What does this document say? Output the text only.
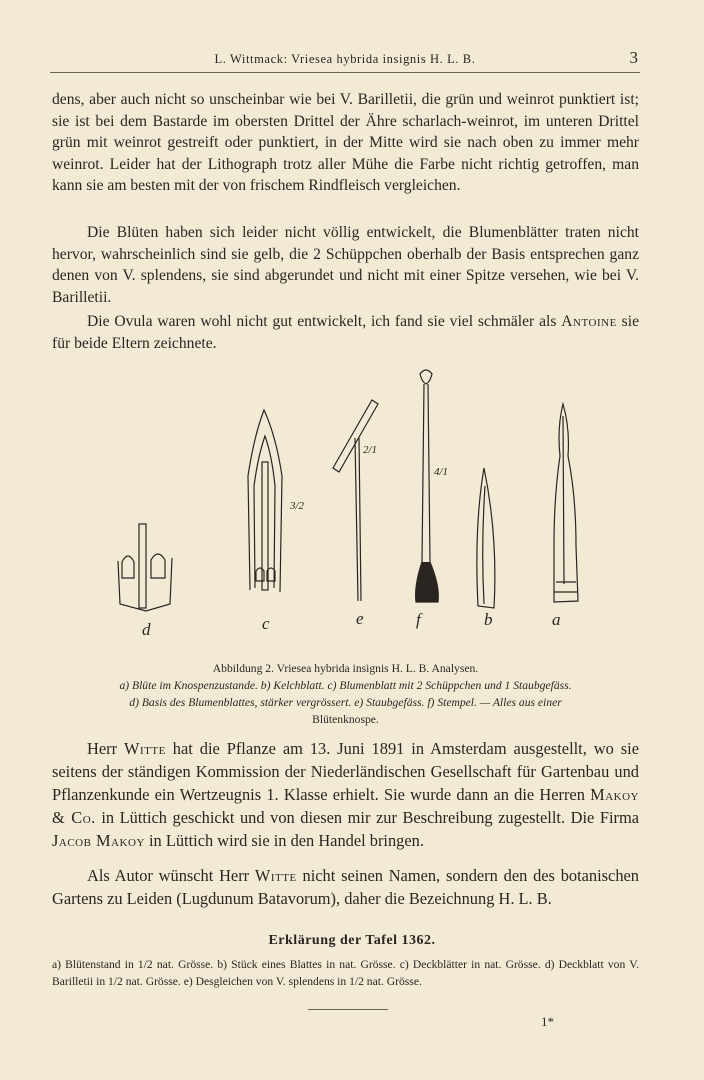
L. Wittmack: Vriesea hybrida insignis H. L. B.	3

dens, aber auch nicht so unscheinbar wie bei V. Barilletii, die grün und weinrot punktiert ist; sie ist bei dem Bastarde im obersten Drittel der Ähre scharlach-weinrot, im unteren Drittel grün mit weinrot gestreift oder punktiert, in der Mitte wird sie nach oben zu immer mehr weinrot. Leider hat der Lithograph trotz aller Mühe die Farbe nicht richtig getroffen, man kann sie am besten mit der von frischem Rindfleisch vergleichen.

Die Blüten haben sich leider nicht völlig entwickelt, die Blumenblätter traten nicht hervor, wahrscheinlich sind sie gelb, die 2 Schüppchen oberhalb der Basis entsprechen ganz denen von V. splendens, sie sind abgerundet und nicht mit einer Spitze versehen, wie bei V. Barilletii.

Die Ovula waren wohl nicht gut entwickelt, ich fand sie viel schmäler als Antoine sie für beide Eltern zeichnete.

d	c	e	f	b	a
3/2
2/1
4/1
Abbildung 2. Vriesea hybrida insignis H. L. B. Analysen.
a) Blüte im Knospenzustande. b) Kelchblatt. c) Blumenblatt mit 2 Schüppchen und 1 Staubgefäss.
d) Basis des Blumenblattes, stärker vergrössert. e) Staubgefäss. f) Stempel. — Alles aus einer
Blütenknospe.

Herr Witte hat die Pflanze am 13. Juni 1891 in Amsterdam ausgestellt, wo sie seitens der ständigen Kommission der Niederländischen Gesellschaft für Gartenbau und Pflanzenkunde ein Wertzeugnis 1. Klasse erhielt. Sie wurde dann an die Herren Makoy & Co. in Lüttich geschickt und von diesen mir zur Beschreibung zugestellt. Die Firma Jacob Makoy in Lüttich wird sie in den Handel bringen.

Als Autor wünscht Herr Witte nicht seinen Namen, sondern den des botanischen Gartens zu Leiden (Lugdunum Batavorum), daher die Bezeichnung H. L. B.

Erklärung der Tafel 1362.
a) Blütenstand in 1/2 nat. Grösse. b) Stück eines Blattes in nat. Grösse. c) Deckblätter in nat. Grösse. d) Deckblatt von V. Barilletii in 1/2 nat. Grösse. e) Desgleichen von V. splendens in 1/2 nat. Grösse.
1*
